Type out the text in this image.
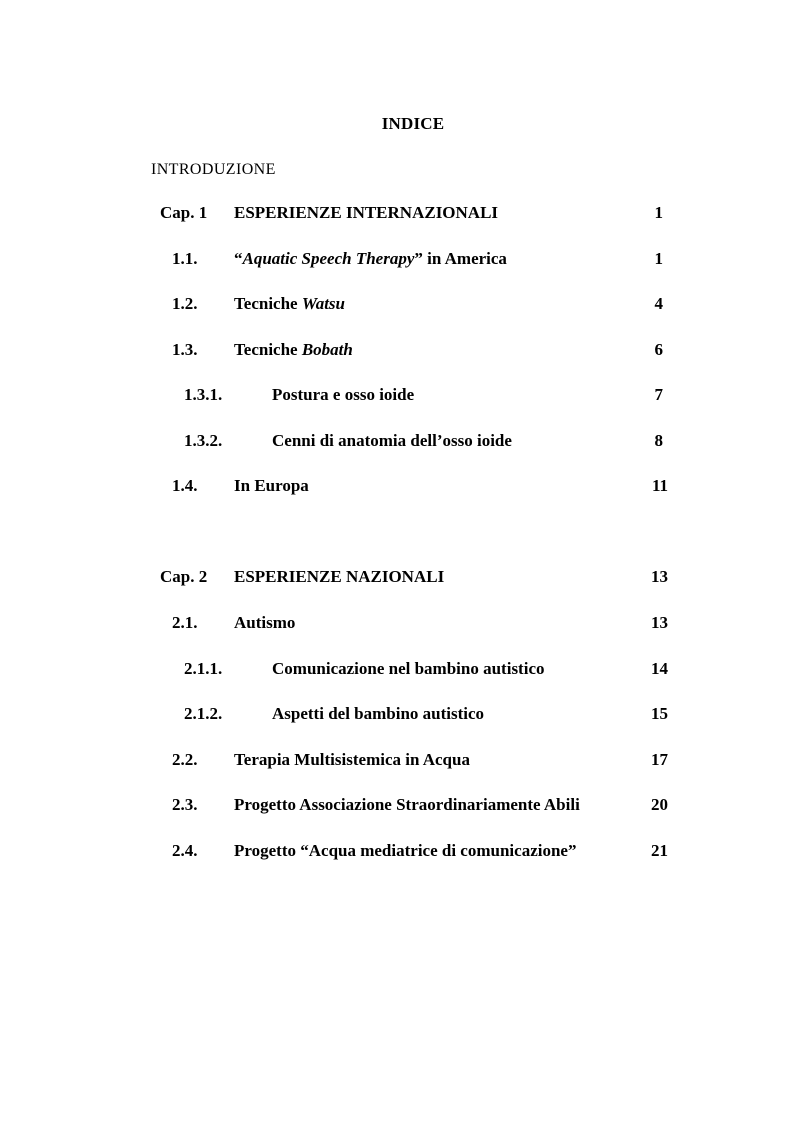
INDICE
INTRODUZIONE
Cap. 1 ESPERIENZE INTERNAZIONALI	1
1.1. “Aquatic Speech Therapy” in America	1
1.2. Tecniche Watsu	4
1.3. Tecniche Bobath	6
1.3.1.	Postura e osso ioide	7
1.3.2.	Cenni di anatomia dell’osso ioide	8
1.4. In Europa	11
Cap. 2 ESPERIENZE NAZIONALI	13
2.1. Autismo	13
2.1.1.	Comunicazione nel bambino autistico	14
2.1.2.	Aspetti del bambino autistico	15
2.2. Terapia Multisistemica in Acqua	17
2.3. Progetto Associazione Straordinariamente Abili	20
2.4. Progetto “Acqua mediatrice di comunicazione”	21
